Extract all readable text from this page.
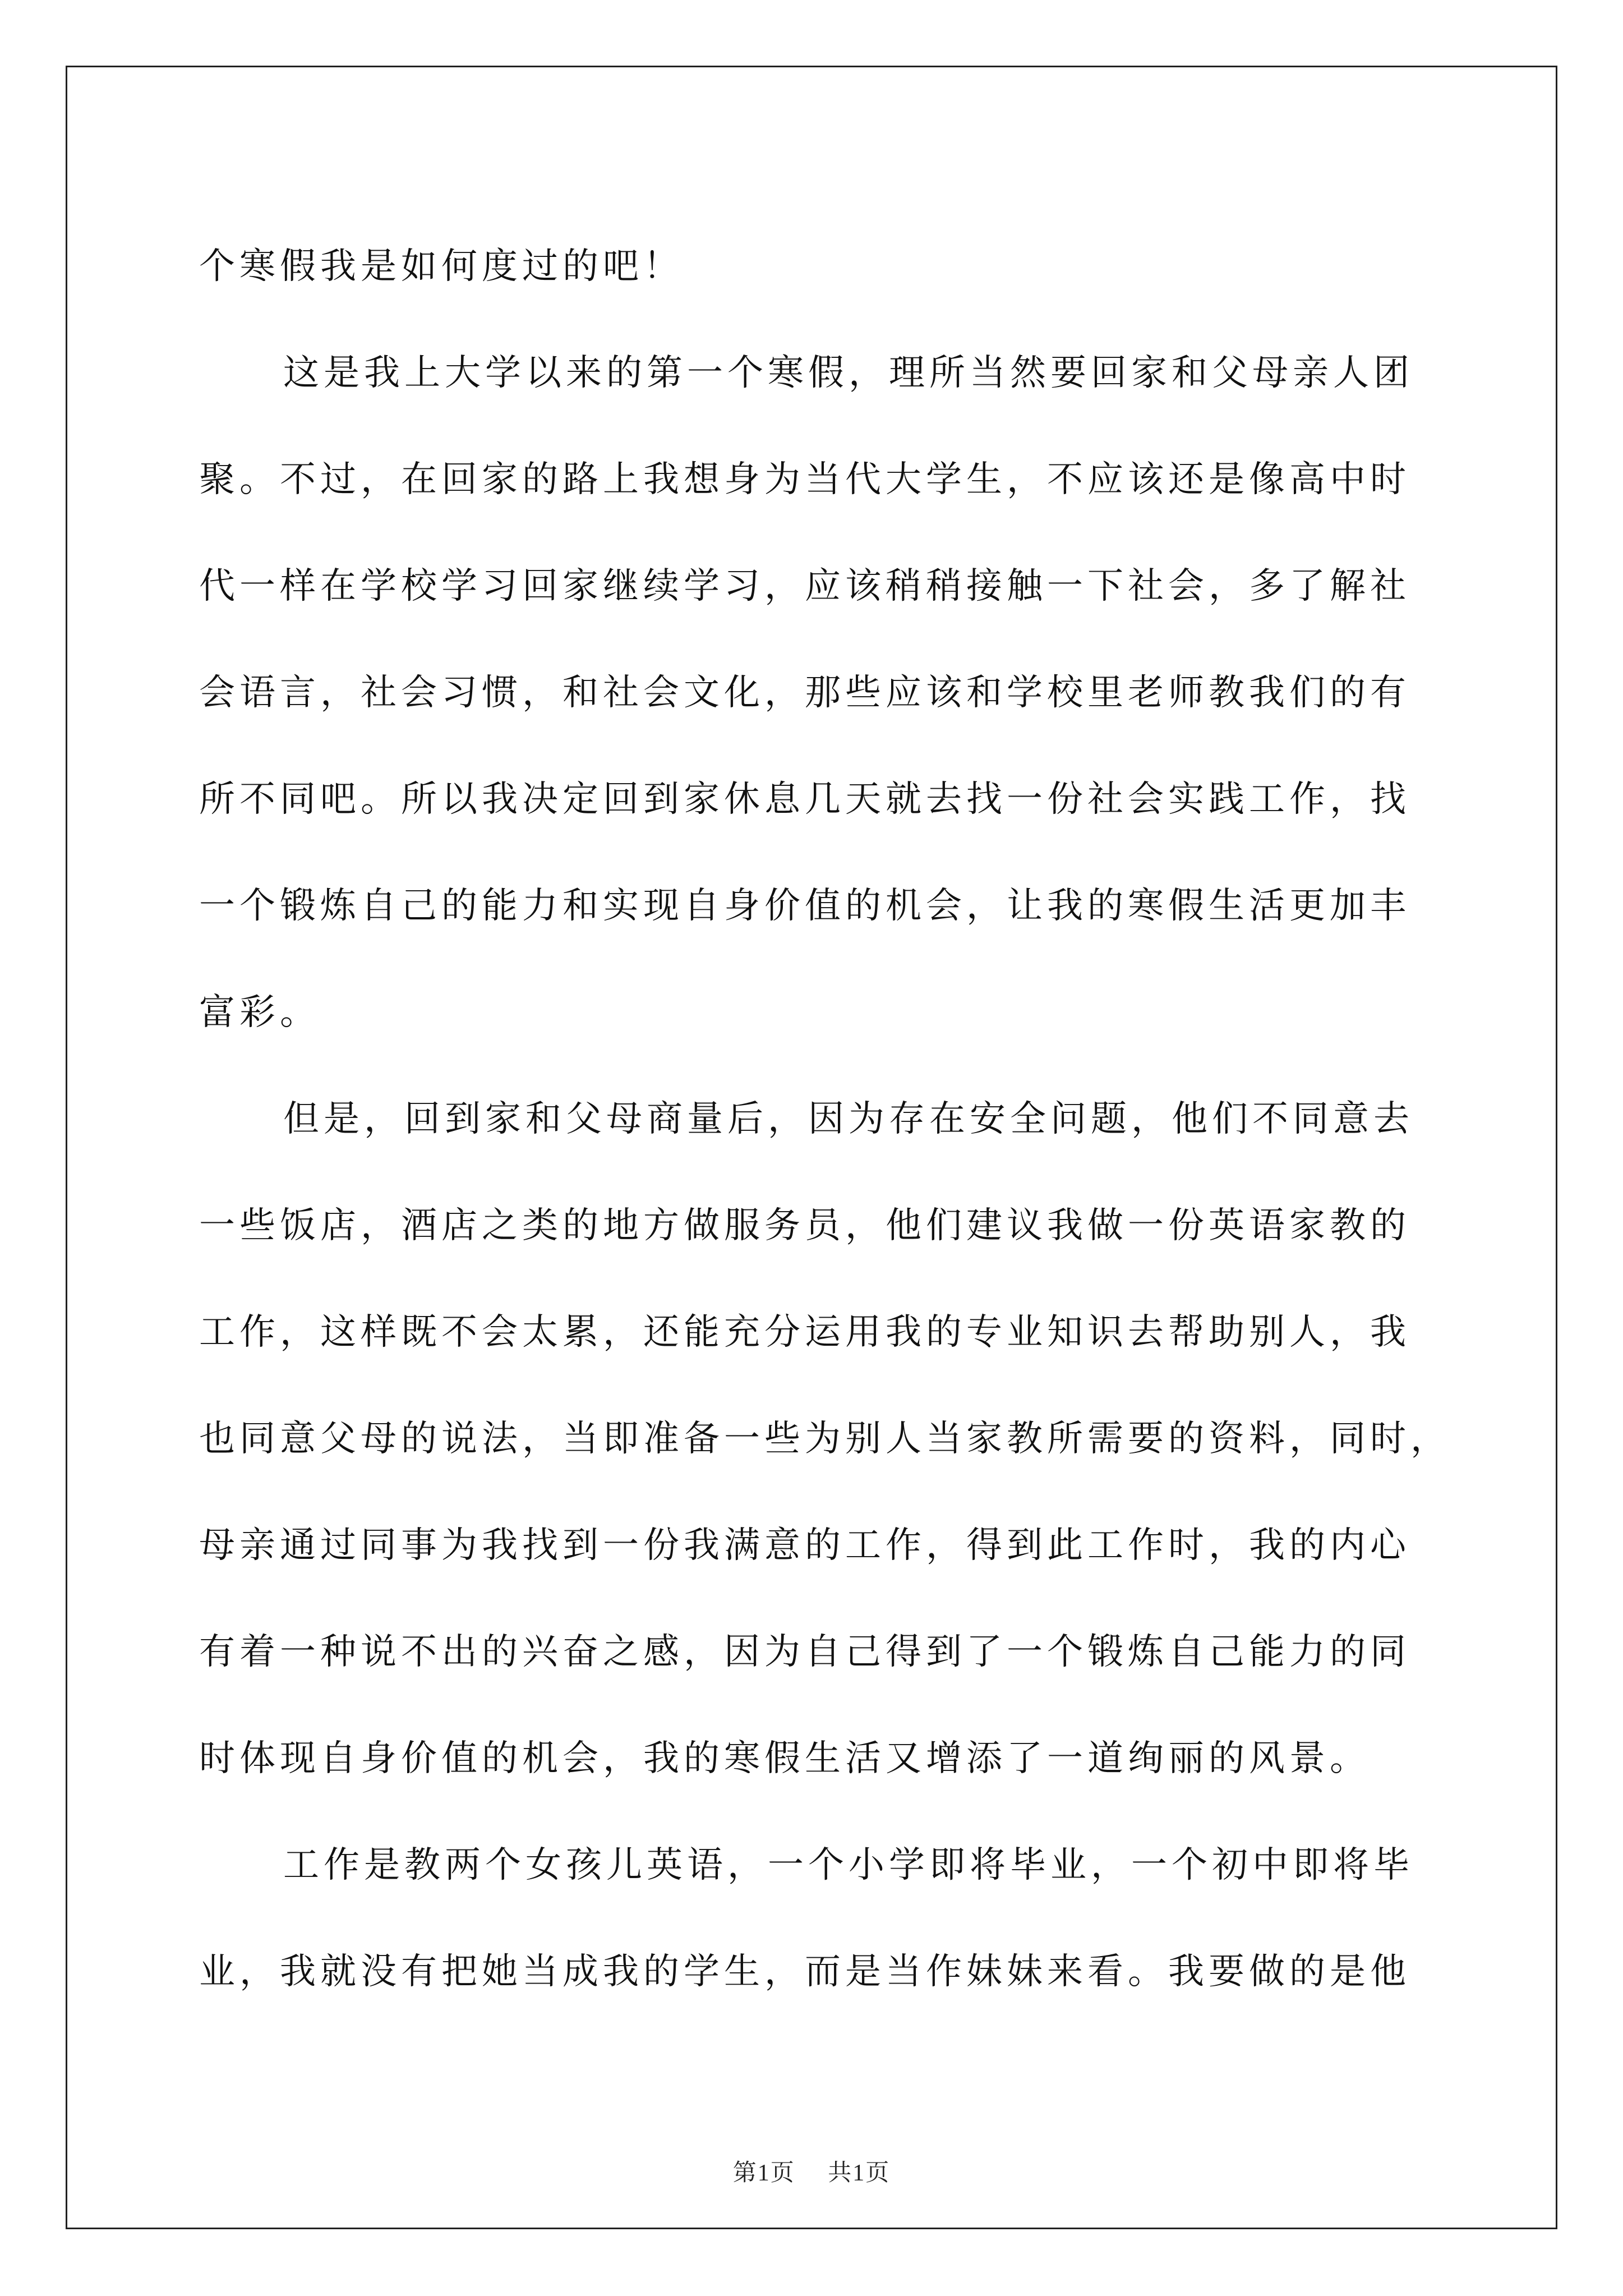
个寒假我是如何度过的吧！
这是我上大学以来的第一个寒假，理所当然要回家和父母亲人团
聚。不过，在回家的路上我想身为当代大学生，不应该还是像高中时
代一样在学校学习回家继续学习，应该稍稍接触一下社会，多了解社
会语言，社会习惯，和社会文化，那些应该和学校里老师教我们的有
所不同吧。所以我决定回到家休息几天就去找一份社会实践工作，找
一个锻炼自己的能力和实现自身价值的机会，让我的寒假生活更加丰
富彩。
但是，回到家和父母商量后，因为存在安全问题，他们不同意去
一些饭店，酒店之类的地方做服务员，他们建议我做一份英语家教的
工作，这样既不会太累，还能充分运用我的专业知识去帮助别人，我
也同意父母的说法，当即准备一些为别人当家教所需要的资料，同时，
母亲通过同事为我找到一份我满意的工作，得到此工作时，我的内心
有着一种说不出的兴奋之感，因为自己得到了一个锻炼自己能力的同
时体现自身价值的机会，我的寒假生活又增添了一道绚丽的风景。
工作是教两个女孩儿英语，一个小学即将毕业，一个初中即将毕
业，我就没有把她当成我的学生，而是当作妹妹来看。我要做的是他
第1页 共1页
